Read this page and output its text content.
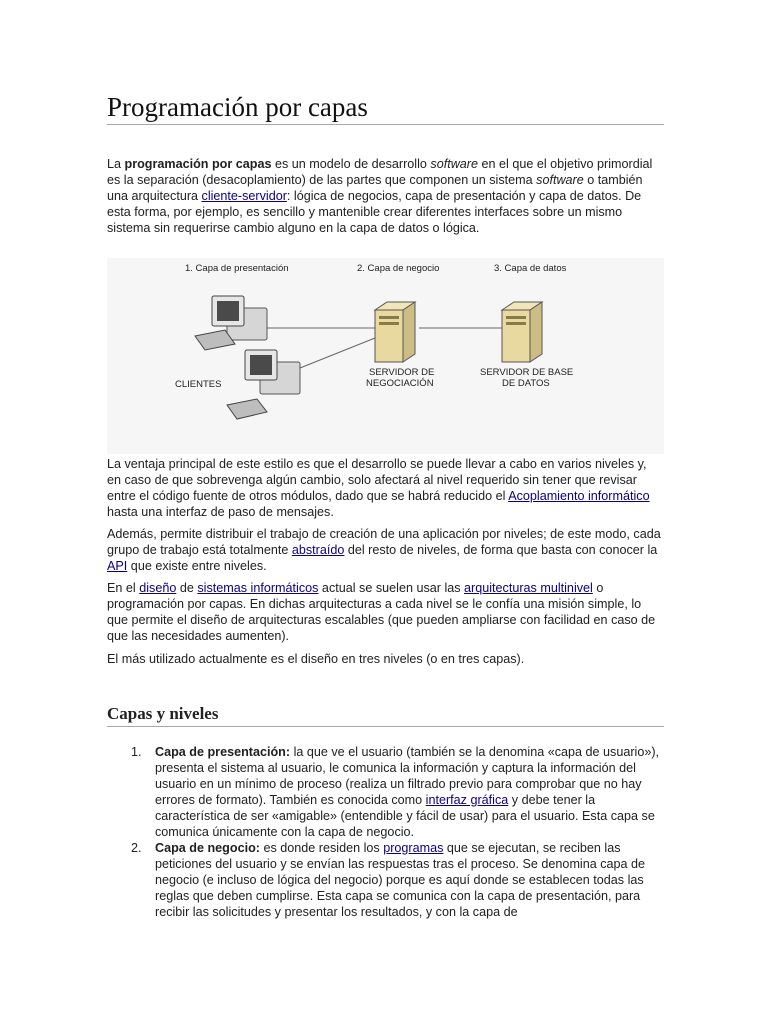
Programación por capas

La programación por capas es un modelo de desarrollo software en el que el objetivo primordial es la separación (desacoplamiento) de las partes que componen un sistema software o también una arquitectura cliente-servidor: lógica de negocios, capa de presentación y capa de datos. De esta forma, por ejemplo, es sencillo y mantenible crear diferentes interfaces sobre un mismo sistema sin requerirse cambio alguno en la capa de datos o lógica.

1. Capa de presentación	2. Capa de negocio	3. Capa de datos
CLIENTES
SERVIDOR DE
NEGOCIACIÓN
SERVIDOR DE BASE
DE DATOS

La ventaja principal de este estilo es que el desarrollo se puede llevar a cabo en varios niveles y, en caso de que sobrevenga algún cambio, solo afectará al nivel requerido sin tener que revisar entre el código fuente de otros módulos, dado que se habrá reducido el Acoplamiento informático hasta una interfaz de paso de mensajes.

Además, permite distribuir el trabajo de creación de una aplicación por niveles; de este modo, cada grupo de trabajo está totalmente abstraído del resto de niveles, de forma que basta con conocer la API que existe entre niveles.

En el diseño de sistemas informáticos actual se suelen usar las arquitecturas multinivel o programación por capas. En dichas arquitecturas a cada nivel se le confía una misión simple, lo que permite el diseño de arquitecturas escalables (que pueden ampliarse con facilidad en caso de que las necesidades aumenten).

El más utilizado actualmente es el diseño en tres niveles (o en tres capas).

Capas y niveles
1. Capa de presentación: la que ve el usuario (también se la denomina «capa de usuario»), presenta el sistema al usuario, le comunica la información y captura la información del usuario en un mínimo de proceso (realiza un filtrado previo para comprobar que no hay errores de formato). También es conocida como interfaz gráfica y debe tener la característica de ser «amigable» (entendible y fácil de usar) para el usuario. Esta capa se comunica únicamente con la capa de negocio.
2. Capa de negocio: es donde residen los programas que se ejecutan, se reciben las peticiones del usuario y se envían las respuestas tras el proceso. Se denomina capa de negocio (e incluso de lógica del negocio) porque es aquí donde se establecen todas las reglas que deben cumplirse. Esta capa se comunica con la capa de presentación, para recibir las solicitudes y presentar los resultados, y con la capa de
